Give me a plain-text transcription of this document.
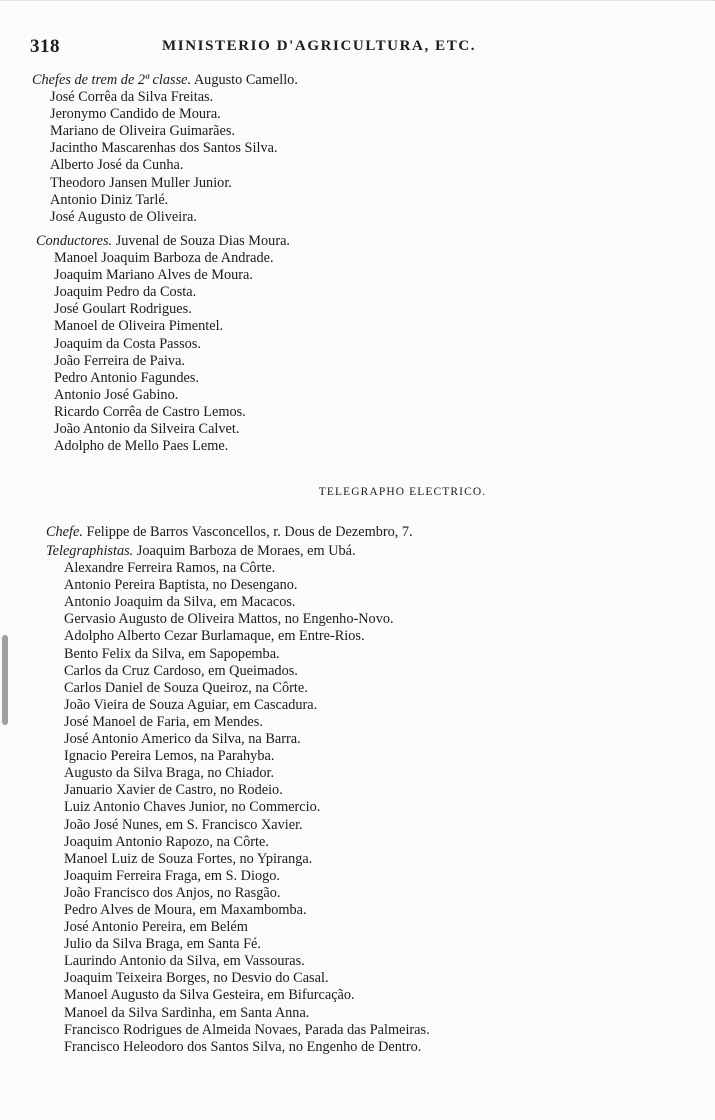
318	MINISTERIO D'AGRICULTURA, ETC.
Chefes de trem de 2ª classe. Augusto Camello.
José Corrêa da Silva Freitas.
Jeronymo Candido de Moura.
Mariano de Oliveira Guimarães.
Jacintho Mascarenhas dos Santos Silva.
Alberto José da Cunha.
Theodoro Jansen Muller Junior.
Antonio Diniz Tarlé.
José Augusto de Oliveira.
Conductores. Juvenal de Souza Dias Moura.
Manoel Joaquim Barboza de Andrade.
Joaquim Mariano Alves de Moura.
Joaquim Pedro da Costa.
José Goulart Rodrigues.
Manoel de Oliveira Pimentel.
Joaquim da Costa Passos.
João Ferreira de Paiva.
Pedro Antonio Fagundes.
Antonio José Gabino.
Ricardo Corrêa de Castro Lemos.
João Antonio da Silveira Calvet.
Adolpho de Mello Paes Leme.
TELEGRAPHO ELECTRICO.
Chefe. Felippe de Barros Vasconcellos, r. Dous de Dezembro, 7.
Telegraphistas. Joaquim Barboza de Moraes, em Ubá.
Alexandre Ferreira Ramos, na Côrte.
Antonio Pereira Baptista, no Desengano.
Antonio Joaquim da Silva, em Macacos.
Gervasio Augusto de Oliveira Mattos, no Engenho-Novo.
Adolpho Alberto Cezar Burlamaque, em Entre-Rios.
Bento Felix da Silva, em Sapopemba.
Carlos da Cruz Cardoso, em Queimados.
Carlos Daniel de Souza Queiroz, na Côrte.
João Vieira de Souza Aguiar, em Cascadura.
José Manoel de Faria, em Mendes.
José Antonio Americo da Silva, na Barra.
Ignacio Pereira Lemos, na Parahyba.
Augusto da Silva Braga, no Chiador.
Januario Xavier de Castro, no Rodeio.
Luiz Antonio Chaves Junior, no Commercio.
João José Nunes, em S. Francisco Xavier.
Joaquim Antonio Rapozo, na Côrte.
Manoel Luiz de Souza Fortes, no Ypiranga.
Joaquim Ferreira Fraga, em S. Diogo.
João Francisco dos Anjos, no Rasgão.
Pedro Alves de Moura, em Maxambomba.
José Antonio Pereira, em Belém
Julio da Silva Braga, em Santa Fé.
Laurindo Antonio da Silva, em Vassouras.
Joaquim Teixeira Borges, no Desvio do Casal.
Manoel Augusto da Silva Gesteira, em Bifurcação.
Manoel da Silva Sardinha, em Santa Anna.
Francisco Rodrigues de Almeida Novaes, Parada das Palmeiras.
Francisco Heleodoro dos Santos Silva, no Engenho de Dentro.
